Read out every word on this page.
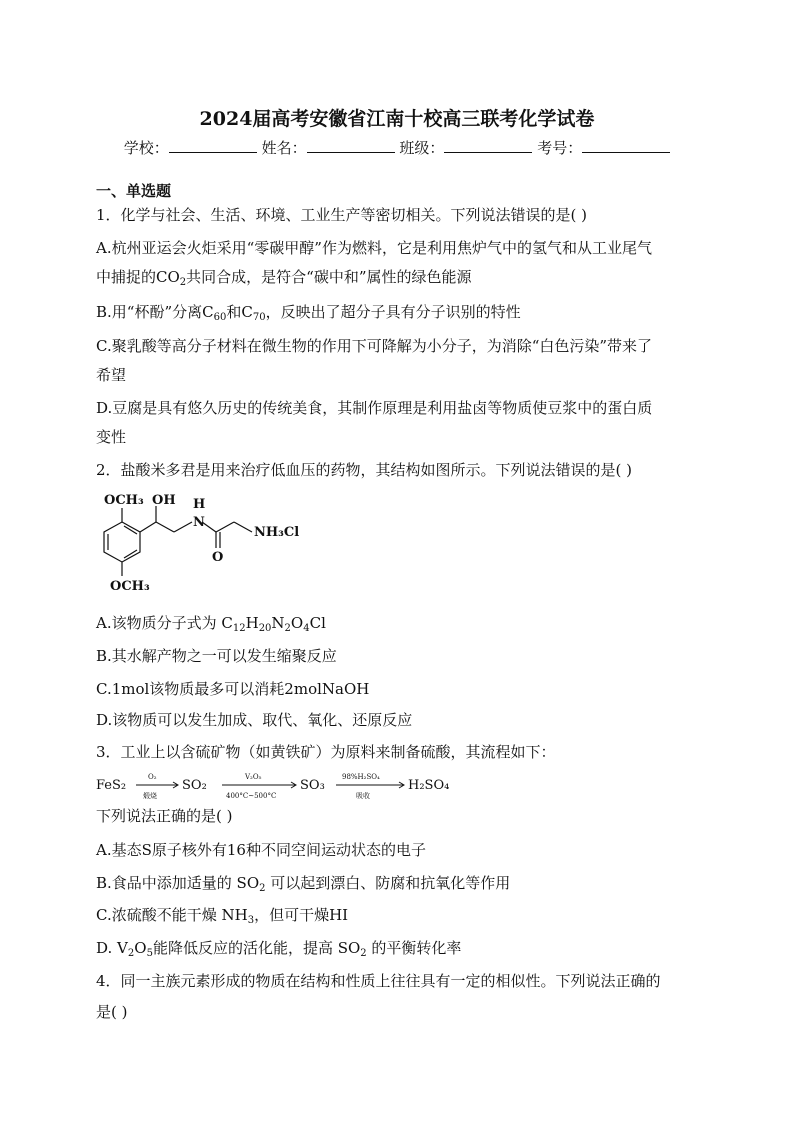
2024届高考安徽省江南十校高三联考化学试卷
学校：	姓名：	班级：	考号：
一、单选题
1．化学与社会、生活、环境、工业生产等密切相关。下列说法错误的是( )
A.杭州亚运会火炬采用“零碳甲醇”作为燃料，它是利用焦炉气中的氢气和从工业尾气
中捕捉的$CO_2$共同合成，是符合“碳中和”属性的绿色能源
B.用“杯酚”分离$C_{60}$和$C_{70}$，反映出了超分子具有分子识别的特性
C.聚乳酸等高分子材料在微生物的作用下可降解为小分子，为消除“白色污染”带来了
希望
D.豆腐是具有悠久历史的传统美食，其制作原理是利用盐卤等物质使豆浆中的蛋白质
变性
2．盐酸米多君是用来治疗低血压的药物，其结构如图所示。下列说法错误的是( )
OCH₃ OH H
N
O
NH₃Cl
OCH₃
A.该物质分子式为 $C_{12}H_{20}N_2O_4Cl$
B.其水解产物之一可以发生缩聚反应
C.1mol该物质最多可以消耗2molNaOH
D.该物质可以发生加成、取代、氧化、还原反应
3．工业上以含硫矿物（如黄铁矿）为原料来制备硫酸，其流程如下：
FeS₂
O₂
煅烧
SO₂
V₂O₅
400°C~500°C
SO₃
98%H₂SO₄
吸收
H₂SO₄
下列说法正确的是( )
A.基态S原子核外有16种不同空间运动状态的电子
B.食品中添加适量的 $SO_2$ 可以起到漂白、防腐和抗氧化等作用
C.浓硫酸不能干燥 $NH_3$，但可干燥HI
D. $V_2O_5$能降低反应的活化能，提高 $SO_2$ 的平衡转化率
4．同一主族元素形成的物质在结构和性质上往往具有一定的相似性。下列说法正确的
是( )
